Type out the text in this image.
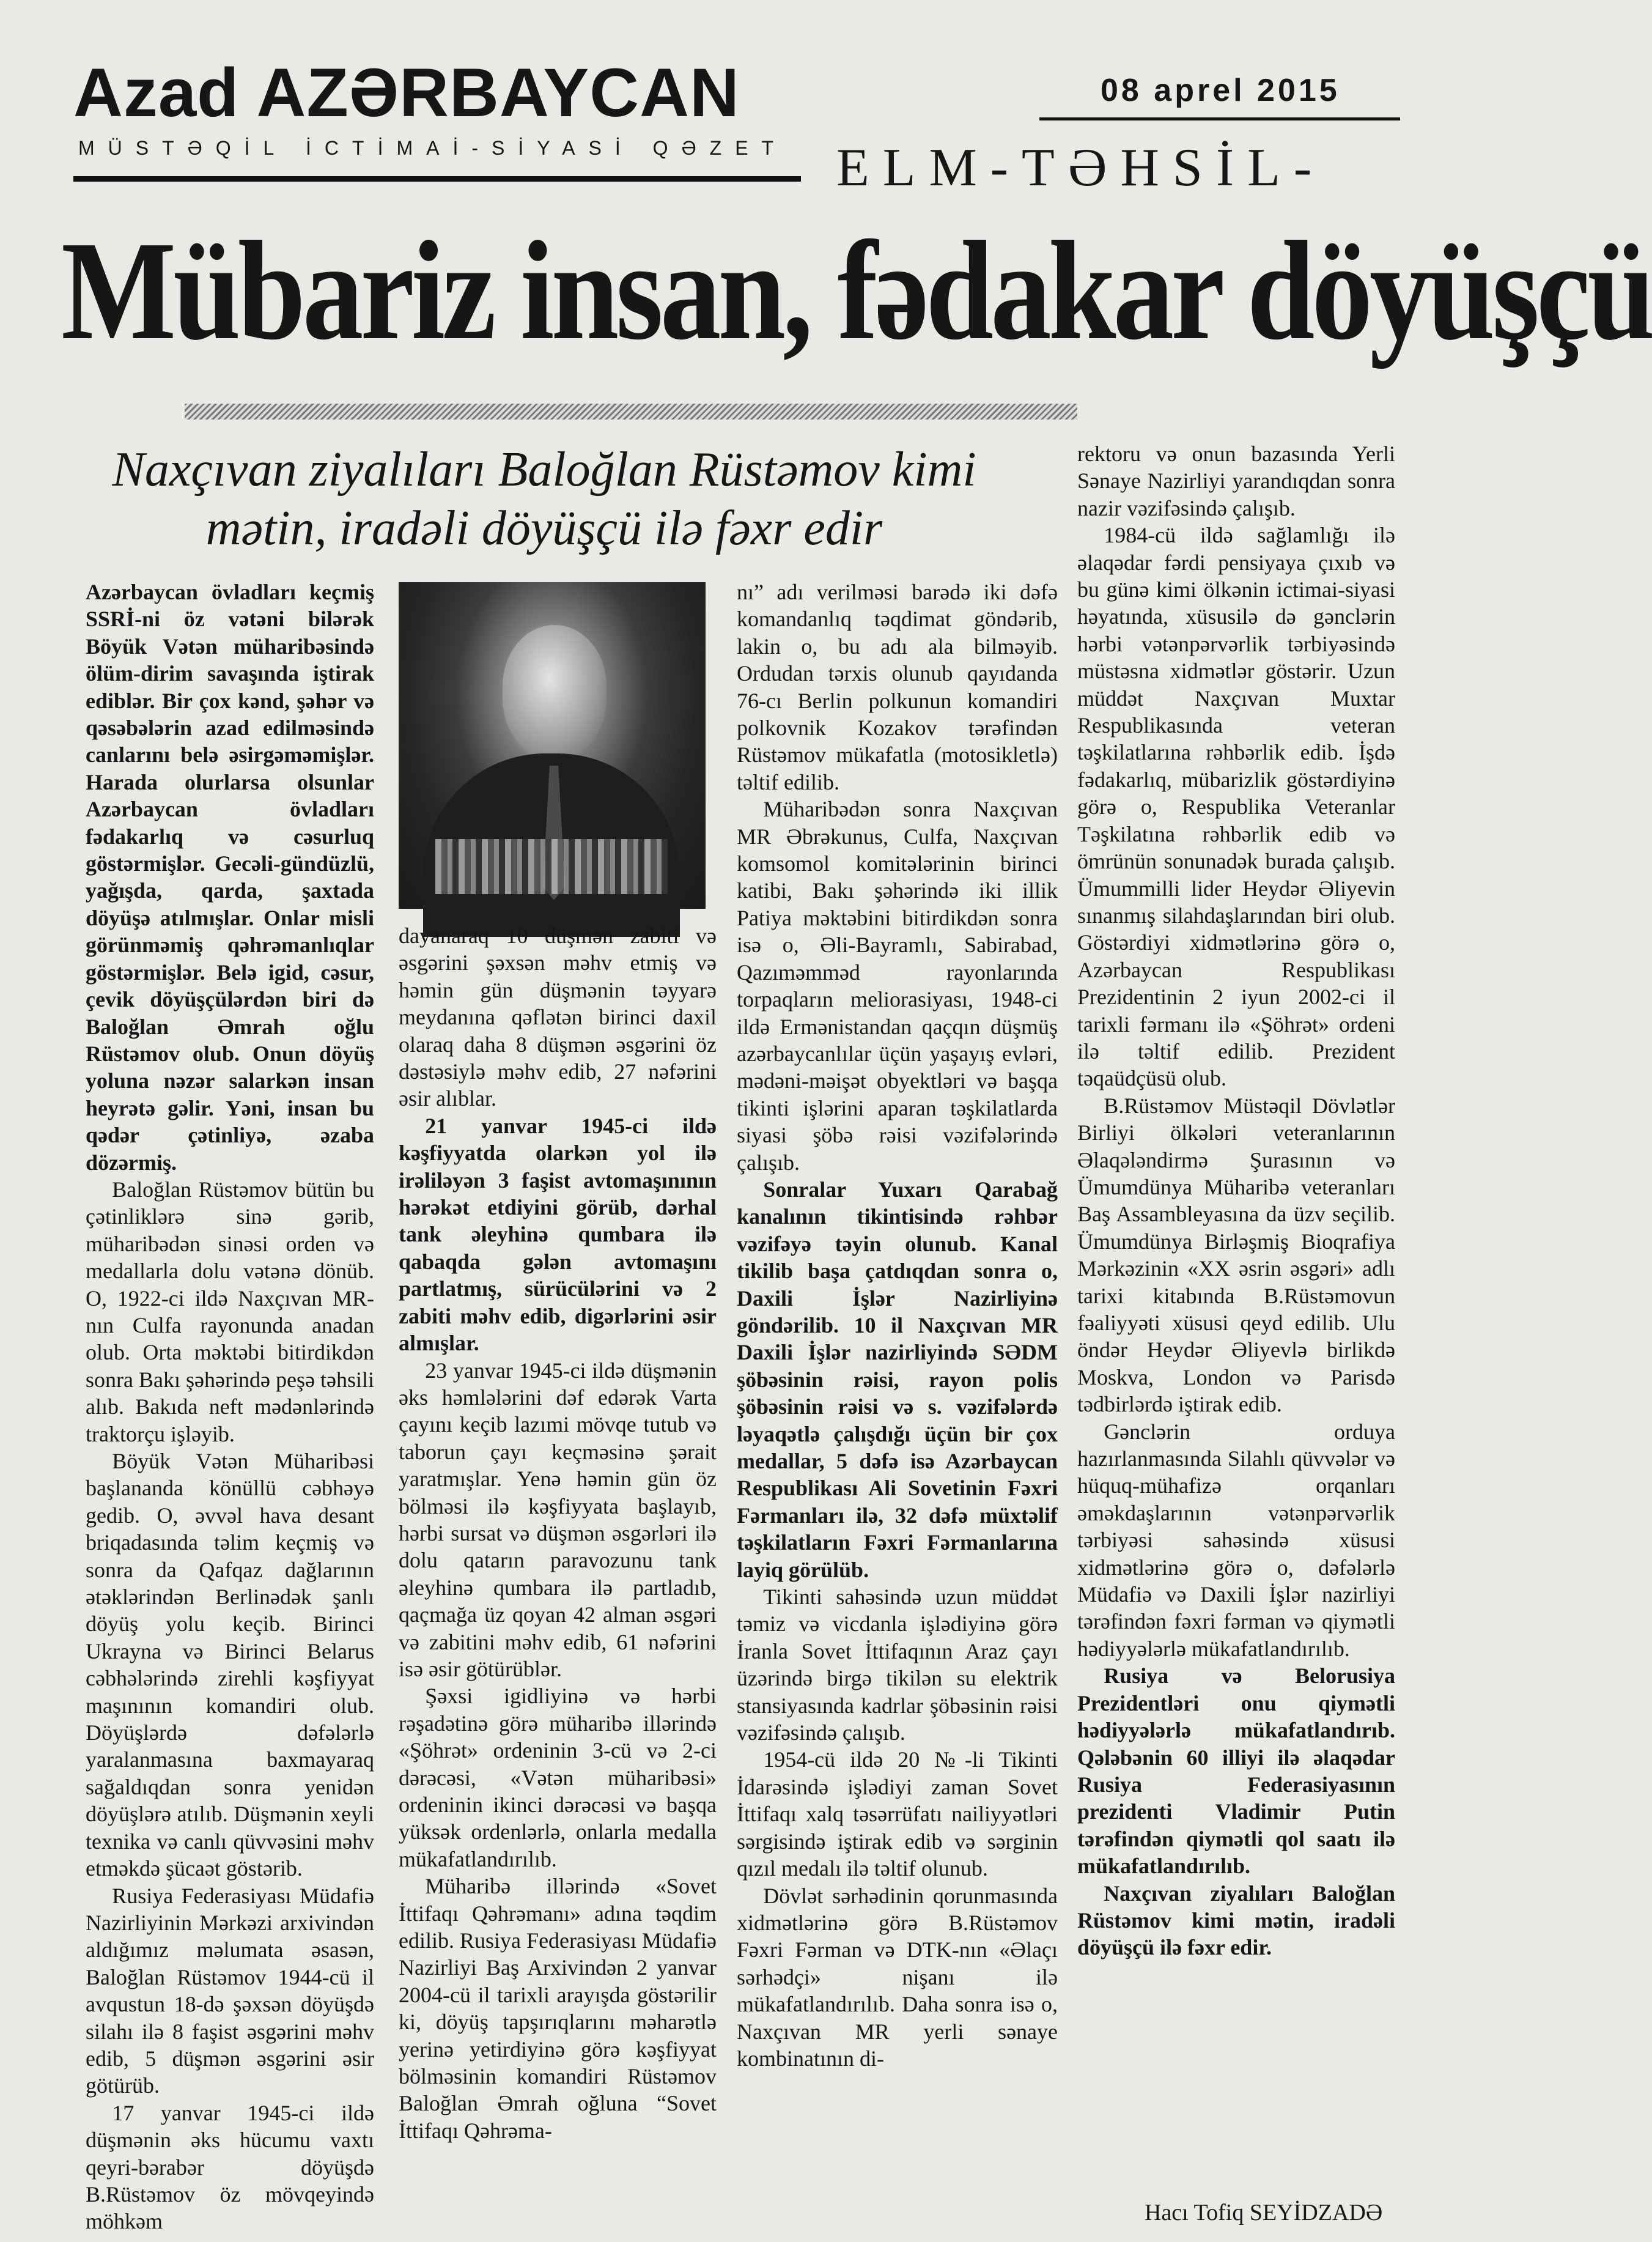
Azad AZƏRBAYCAN
MÜSTƏQİL İCTİMAİ-SİYASİ QƏZET
08 aprel 2015
ELM-TƏHSİL-
Mübariz insan, fədakar döyüşçü
Naxçıvan ziyalıları Baloğlan Rüstəmov kimi
mətin, iradəli döyüşçü ilə fəxr edir

Azərbaycan övladları keçmiş SSRİ-ni öz vətəni bilərək Böyük Vətən müharibəsində ölüm-dirim savaşında iştirak ediblər. Bir çox kənd, şəhər və qəsəbələrin azad edilməsində canlarını belə əsirgəməmişlər. Harada olurlarsa olsunlar Azərbaycan övladları fədakarlıq və cəsurluq göstərmişlər. Gecəli-gündüzlü, yağışda, qarda, şaxtada döyüşə atılmışlar. Onlar misli görünməmiş qəhrəmanlıqlar göstərmişlər. Belə igid, cəsur, çevik döyüşçülərdən biri də Baloğlan Əmrah oğlu Rüstəmov olub. Onun döyüş yoluna nəzər salarkən insan heyrətə gəlir. Yəni, insan bu qədər çətinliyə, əzaba dözərmiş.

Baloğlan Rüstəmov bütün bu çətinliklərə sinə gərib, müharibədən sinəsi orden və medallarla dolu vətənə dönüb. O, 1922-ci ildə Naxçıvan MR-nın Culfa rayonunda anadan olub. Orta məktəbi bitirdikdən sonra Bakı şəhərində peşə təhsili alıb. Bakıda neft mədənlərində traktorçu işləyib.

Böyük Vətən Müharibəsi başlananda könüllü cəbhəyə gedib. O, əvvəl hava desant briqadasında təlim keçmiş və sonra da Qafqaz dağlarının ətəklərindən Berlinədək şanlı döyüş yolu keçib. Birinci Ukrayna və Birinci Belarus cəbhələrində zirehli kəşfiyyat maşınının komandiri olub. Döyüşlərdə dəfələrlə yaralanmasına baxmayaraq sağaldıqdan sonra yenidən döyüşlərə atılıb. Düşmənin xeyli texnika və canlı qüvvəsini məhv etməkdə şücaət göstərib.

Rusiya Federasiyası Müdafiə Nazirliyinin Mərkəzi arxivindən aldığımız məlumata əsasən, Baloğlan Rüstəmov 1944-cü il avqustun 18-də şəxsən döyüşdə silahı ilə 8 faşist əsgərini məhv edib, 5 düşmən əsgərini əsir götürüb.

17 yanvar 1945-ci ildə düşmənin əks hücumu vaxtı qeyri-bərabər döyüşdə B.Rüstəmov öz mövqeyində möhkəm

dayanaraq 10 düşmən zabiti və əsgərini şəxsən məhv etmiş və həmin gün düşmənin təyyarə meydanına qəflətən birinci daxil olaraq daha 8 düşmən əsgərini öz dəstəsiylə məhv edib, 27 nəfərini əsir alıblar.

21 yanvar 1945-ci ildə kəşfiyyatda olarkən yol ilə irəliləyən 3 faşist avtomaşınının hərəkət etdiyini görüb, dərhal tank əleyhinə qumbara ilə qabaqda gələn avtomaşını partlatmış, sürücülərini və 2 zabiti məhv edib, digərlərini əsir almışlar.

23 yanvar 1945-ci ildə düşmənin əks həmlələrini dəf edərək Varta çayını keçib lazımi mövqe tutub və taborun çayı keçməsinə şərait yaratmışlar. Yenə həmin gün öz bölməsi ilə kəşfiyyata başlayıb, hərbi sursat və düşmən əsgərləri ilə dolu qatarın paravozunu tank əleyhinə qumbara ilə partladıb, qaçmağa üz qoyan 42 alman əsgəri və zabitini məhv edib, 61 nəfərini isə əsir götürüblər.

Şəxsi igidliyinə və hərbi rəşadətinə görə müharibə illərində «Şöhrət» ordeninin 3-cü və 2-ci dərəcəsi, «Vətən müharibəsi» ordeninin ikinci dərəcəsi və başqa yüksək ordenlərlə, onlarla medalla mükafatlandırılıb.

Müharibə illərində «Sovet İttifaqı Qəhrəmanı» adına təqdim edilib. Rusiya Federasiyası Müdafiə Nazirliyi Baş Arxivindən 2 yanvar 2004-cü il tarixli arayışda göstərilir ki, döyüş tapşırıqlarını məharətlə yerinə yetirdiyinə görə kəşfiyyat bölməsinin komandiri Rüstəmov Baloğlan Əmrah oğluna “Sovet İttifaqı Qəhrəma-

nı” adı verilməsi barədə iki dəfə komandanlıq təqdimat göndərib, lakin o, bu adı ala bilməyib. Ordudan tərxis olunub qayıdanda 76-cı Berlin polkunun komandiri polkovnik Kozakov tərəfindən Rüstəmov mükafatla (motosikletlə) təltif edilib.

Müharibədən sonra Naxçıvan MR Əbrəkunus, Culfa, Naxçıvan komsomol komitələrinin birinci katibi, Bakı şəhərində iki illik Patiya məktəbini bitirdikdən sonra isə o, Əli-Bayramlı, Sabirabad, Qazıməmməd rayonlarında torpaqların meliorasiyası, 1948-ci ildə Ermənistandan qaçqın düşmüş azərbaycanlılar üçün yaşayış evləri, mədəni-məişət obyektləri və başqa tikinti işlərini aparan təşkilatlarda siyasi şöbə rəisi vəzifələrində çalışıb.

Sonralar Yuxarı Qarabağ kanalının tikintisində rəhbər vəzifəyə təyin olunub. Kanal tikilib başa çatdıqdan sonra o, Daxili İşlər Nazirliyinə göndərilib. 10 il Naxçıvan MR Daxili İşlər nazirliyində SƏDM şöbəsinin rəisi, rayon polis şöbəsinin rəisi və s. vəzifələrdə ləyaqətlə çalışdığı üçün bir çox medallar, 5 dəfə isə Azərbaycan Respublikası Ali Sovetinin Fəxri Fərmanları ilə, 32 dəfə müxtəlif təşkilatların Fəxri Fərmanlarına layiq görülüb.

Tikinti sahəsində uzun müddət təmiz və vicdanla işlədiyinə görə İranla Sovet İttifaqının Araz çayı üzərində birgə tikilən su elektrik stansiyasında kadrlar şöbəsinin rəisi vəzifəsində çalışıb.

1954-cü ildə 20 №-li Tikinti İdarəsində işlədiyi zaman Sovet İttifaqı xalq təsərrüfatı nailiyyətləri sərgisində iştirak edib və sərginin qızıl medalı ilə təltif olunub.

Dövlət sərhədinin qorunmasında xidmətlərinə görə B.Rüstəmov Fəxri Fərman və DTK-nın «Əlaçı sərhədçi» nişanı ilə mükafatlandırılıb. Daha sonra isə o, Naxçıvan MR yerli sənaye kombinatının di-

rektoru və onun bazasında Yerli Sənaye Nazirliyi yarandıqdan sonra nazir vəzifəsində çalışıb.

1984-cü ildə sağlamlığı ilə əlaqədar fərdi pensiyaya çıxıb və bu günə kimi ölkənin ictimai-siyasi həyatında, xüsusilə də gənclərin hərbi vətənpərvərlik tərbiyəsində müstəsna xidmətlər göstərir. Uzun müddət Naxçıvan Muxtar Respublikasında veteran təşkilatlarına rəhbərlik edib. İşdə fədakarlıq, mübarizlik göstərdiyinə görə o, Respublika Veteranlar Təşkilatına rəhbərlik edib və ömrünün sonunadək burada çalışıb. Ümummilli lider Heydər Əliyevin sınanmış silahdaşlarından biri olub. Göstərdiyi xidmətlərinə görə o, Azərbaycan Respublikası Prezidentinin 2 iyun 2002-ci il tarixli fərmanı ilə «Şöhrət» ordeni ilə təltif edilib. Prezident təqaüdçüsü olub.

B.Rüstəmov Müstəqil Dövlətlər Birliyi ölkələri veteranlarının Əlaqələndirmə Şurasının və Ümumdünya Müharibə veteranları Baş Assambleyasına da üzv seçilib. Ümumdünya Birləşmiş Bioqrafiya Mərkəzinin «XX əsrin əsgəri» adlı tarixi kitabında B.Rüstəmovun fəaliyyəti xüsusi qeyd edilib. Ulu öndər Heydər Əliyevlə birlikdə Moskva, London və Parisdə tədbirlərdə iştirak edib.

Gənclərin orduya hazırlanmasında Silahlı qüvvələr və hüquq-mühafizə orqanları əməkdaşlarının vətənpərvərlik tərbiyəsi sahəsində xüsusi xidmətlərinə görə o, dəfələrlə Müdafiə və Daxili İşlər nazirliyi tərəfindən fəxri fərman və qiymətli hədiyyələrlə mükafatlandırılıb.

Rusiya və Belorusiya Prezidentləri onu qiymətli hədiyyələrlə mükafatlandırıb. Qələbənin 60 illiyi ilə əlaqədar Rusiya Federasiyasının prezidenti Vladimir Putin tərəfindən qiymətli qol saatı ilə mükafatlandırılıb.

Naxçıvan ziyalıları Baloğlan Rüstəmov kimi mətin, iradəli döyüşçü ilə fəxr edir.

Hacı Tofiq SEYİDZADƏ
